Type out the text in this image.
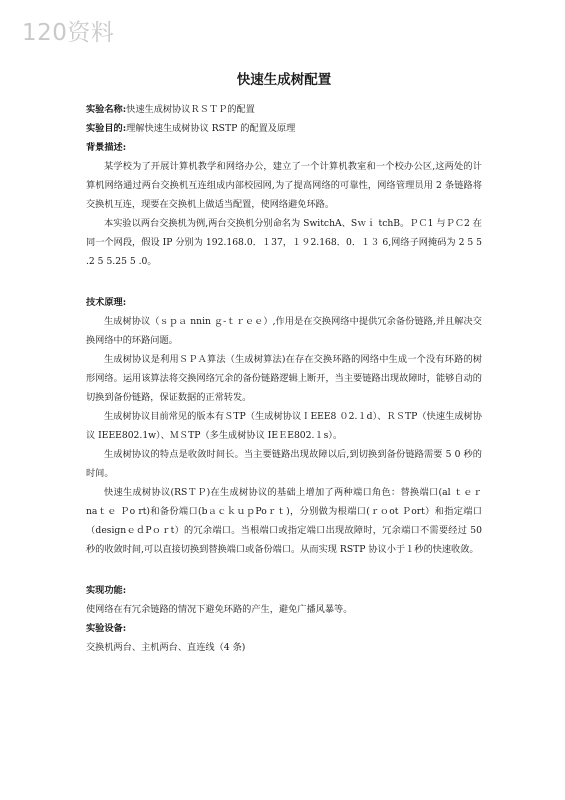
120资料
快速生成树配置

实验名称:快速生成树协议ＲＳＴＰ的配置

实验目的:理解快速生成树协议 RSTP 的配置及原理

背景描述:

某学校为了开展计算机教学和网络办公，建立了一个计算机教室和一个校办公区,这两处的计算机网络通过两台交换机互连组成内部校园网,为了提高网络的可靠性，网络管理员用 2 条链路将交换机互连，现要在交换机上做适当配置，使网络避免环路。

本实验以两台交换机为例,两台交换机分别命名为 SwitchA、Sｗｉ tchB。ＰＣ1 与ＰＣ2 在同一个网段，假设 IP 分别为 192.168.0．１37，１９2.168．0．１３ 6,网络子网掩码为 2 5 5 .2 5 5.25 5 .0。

技术原理:

生成树协议（ｓｐａ nnin ｇ-ｔｒｅｅ）,作用是在交换网络中提供冗余备份链路,并且解决交换网络中的环路问题。

生成树协议是利用ＳＰＡ算法（生成树算法)在存在交换环路的网络中生成一个没有环路的树形网络。运用该算法将交换网络冗余的备份链路逻辑上断开，当主要链路出现故障时，能够自动的切换到备份链路，保证数据的正常转发。

生成树协议目前常见的版本有ＳTP（生成树协议ＩEEE8 ０2.１d）、ＲＳTP（快速生成树协议 IEEE802.1w）、ＭＳTP（多生成树协议 IEＥE802.１s）。

生成树协议的特点是收敛时间长。当主要链路出现故障以后,到切换到备份链路需要 5 0 秒的时间。

快速生成树协议(RSＴＰ)在生成树协议的基础上增加了两种端口角色：替换端口(al ｔｅｒ naｔｅ Ｐo rt)和备份端口(bａｃｋｕｐPoｒｔ)，分别做为根端口(ｒｏot Ｐort）和指定端口（designｅｄPｏｒt）的冗余端口。当根端口或指定端口出现故障时，冗余端口不需要经过 50 秒的收敛时间,可以直接切换到替换端口或备份端口。从而实现 RSTP 协议小于１秒的快速收敛。

实现功能:

使网络在有冗余链路的情况下避免环路的产生，避免广播风暴等。

实验设备:

交换机两台、主机两台、直连线（4 条)
